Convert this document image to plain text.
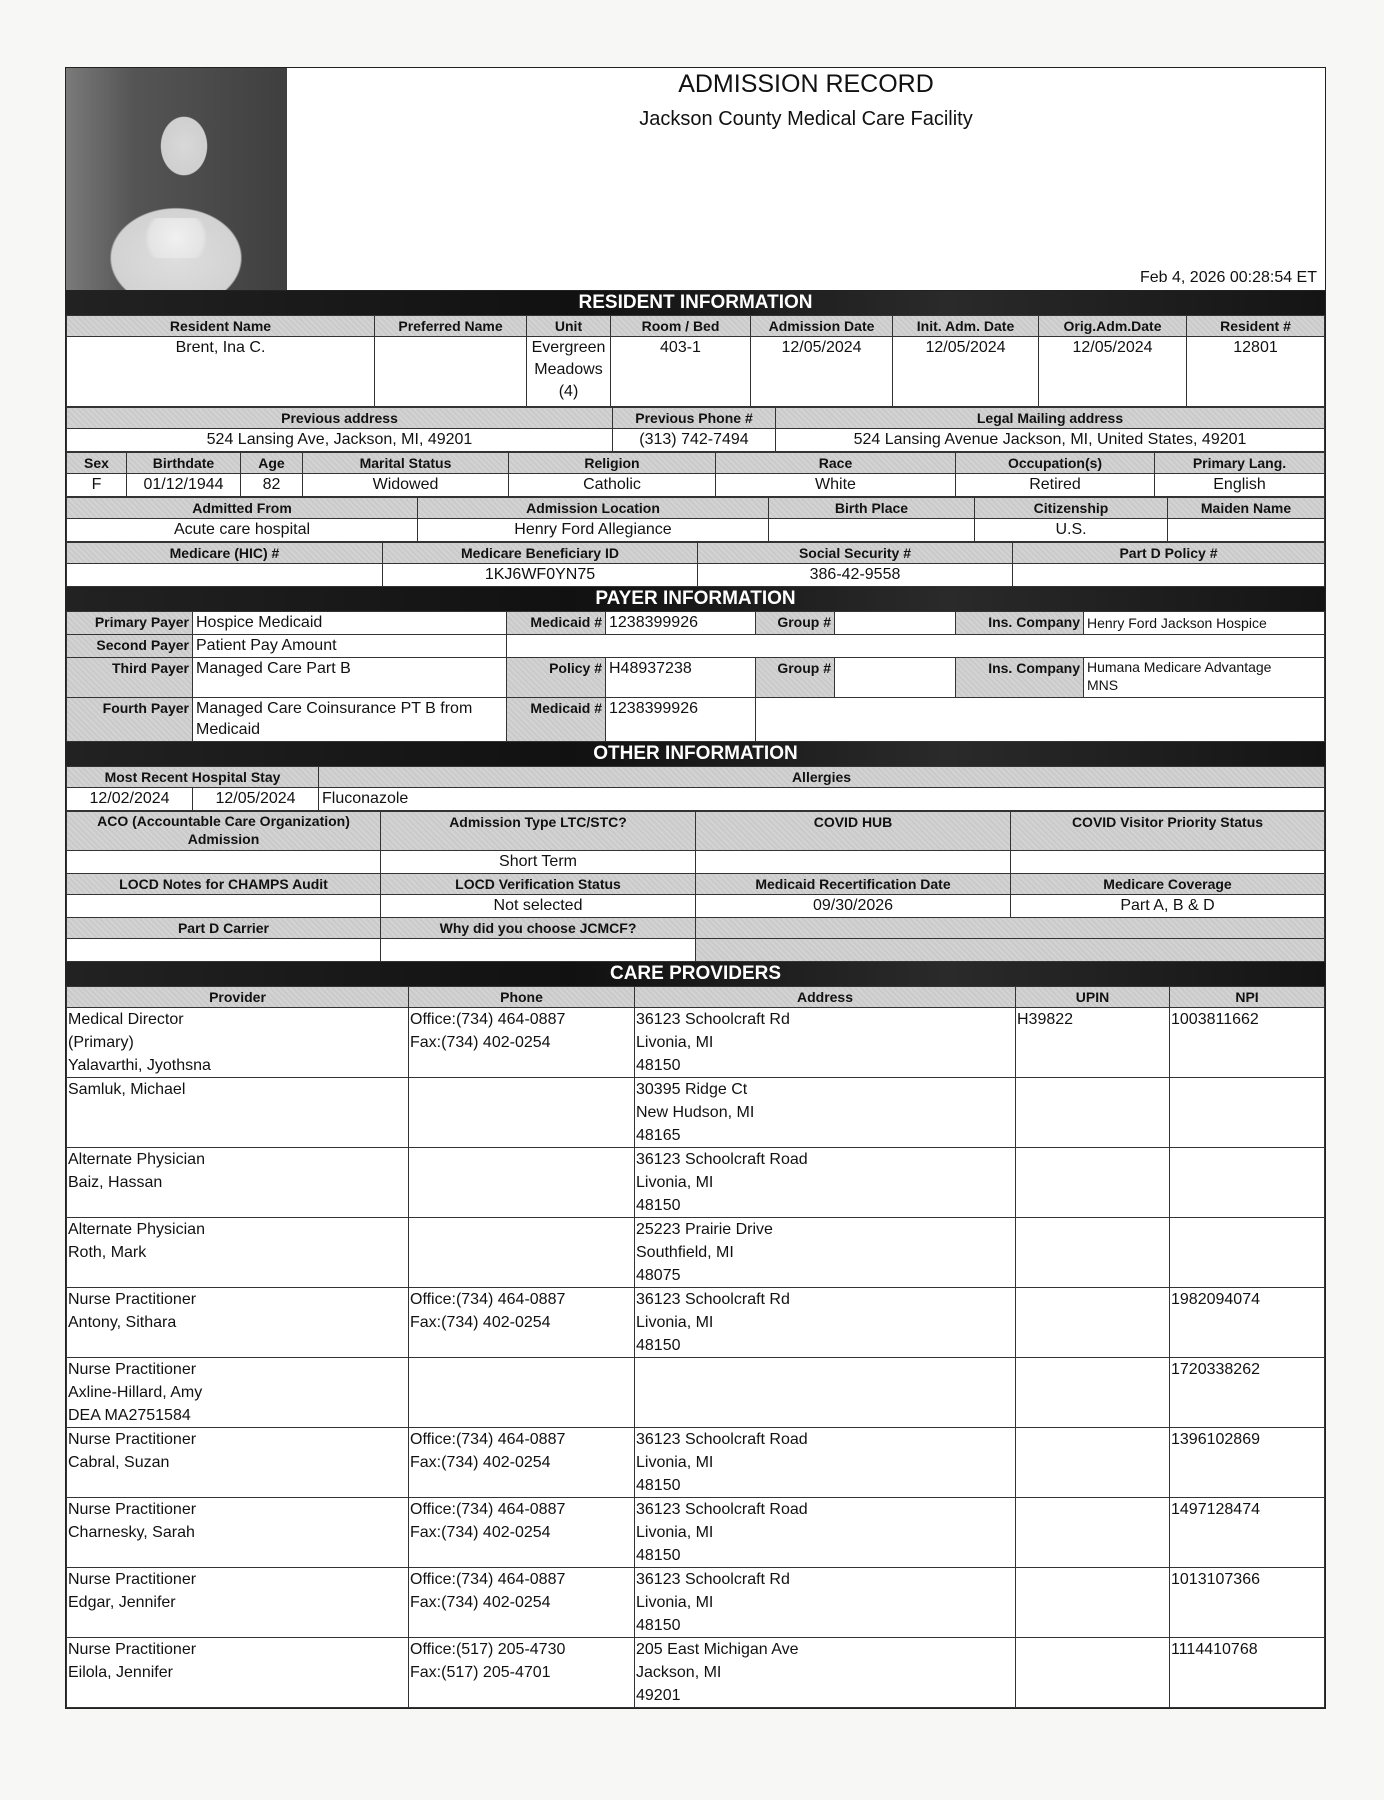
ADMISSION RECORD
Jackson County Medical Care Facility
Feb 4, 2026 00:28:54 ET
RESIDENT INFORMATION
Resident Name	Preferred Name	Unit	Room / Bed	Admission Date	Init. Adm. Date	Orig.Adm.Date	Resident #
Brent, Ina C.		Evergreen
Meadows
(4)	403-1	12/05/2024	12/05/2024	12/05/2024	12801
Previous address	Previous Phone #	Legal Mailing address
524 Lansing Ave, Jackson, MI, 49201	(313) 742-7494	524 Lansing Avenue Jackson, MI, United States, 49201
Sex	Birthdate	Age	Marital Status	Religion	Race	Occupation(s)	Primary Lang.
F	01/12/1944	82	Widowed	Catholic	White	Retired	English
Admitted From	Admission Location	Birth Place	Citizenship	Maiden Name
Acute care hospital	Henry Ford Allegiance		U.S.	
Medicare (HIC) #	Medicare Beneficiary ID	Social Security #	Part D Policy #
	1KJ6WF0YN75	386-42-9558	
PAYER INFORMATION
Primary Payer	Hospice Medicaid	Medicaid #	1238399926	Group #		Ins. Company	Henry Ford Jackson Hospice
Second Payer	Patient Pay Amount						
Third Payer	Managed Care Part B	Policy #	H48937238	Group #		Ins. Company	Humana Medicare Advantage
MNS

Fourth Payer	Managed Care Coinsurance PT B from
Medicaid	Medicaid #	1238399926				
OTHER INFORMATION
Most Recent Hospital Stay		Allergies
12/02/2024	12/05/2024	Fluconazole
ACO (Accountable Care Organization)
Admission	Admission Type LTC/STC?	COVID HUB	COVID Visitor Priority Status
	Short Term		
LOCD Notes for CHAMPS Audit	LOCD Verification Status	Medicaid Recertification Date	Medicare Coverage
	Not selected	09/30/2026	Part A, B & D
Part D Carrier	Why did you choose JCMCF?		

CARE PROVIDERS
Provider	Phone	Address	UPIN	NPI

Medical Director
(Primary)
Yalavarthi, Jyothsna	Office:(734) 464-0887
Fax:(734) 402-0254	36123 Schoolcraft Rd
Livonia, MI
48150	H39822	1003811662

Samluk, Michael		30395 Ridge Ct
New Hudson, MI
48165		

Alternate Physician
Baiz, Hassan		36123 Schoolcraft Road
Livonia, MI
48150		

Alternate Physician
Roth, Mark		25223 Prairie Drive
Southfield, MI
48075		

Nurse Practitioner
Antony, Sithara	Office:(734) 464-0887
Fax:(734) 402-0254	36123 Schoolcraft Rd
Livonia, MI
48150		1982094074

Nurse Practitioner
Axline-Hillard, Amy
DEA MA2751584				1720338262

Nurse Practitioner
Cabral, Suzan	Office:(734) 464-0887
Fax:(734) 402-0254	36123 Schoolcraft Road
Livonia, MI
48150		1396102869

Nurse Practitioner
Charnesky, Sarah	Office:(734) 464-0887
Fax:(734) 402-0254	36123 Schoolcraft Road
Livonia, MI
48150		1497128474

Nurse Practitioner
Edgar, Jennifer	Office:(734) 464-0887
Fax:(734) 402-0254	36123 Schoolcraft Rd
Livonia, MI
48150		1013107366

Nurse Practitioner
Eilola, Jennifer	Office:(517) 205-4730
Fax:(517) 205-4701	205 East Michigan Ave
Jackson, MI
49201		1114410768
